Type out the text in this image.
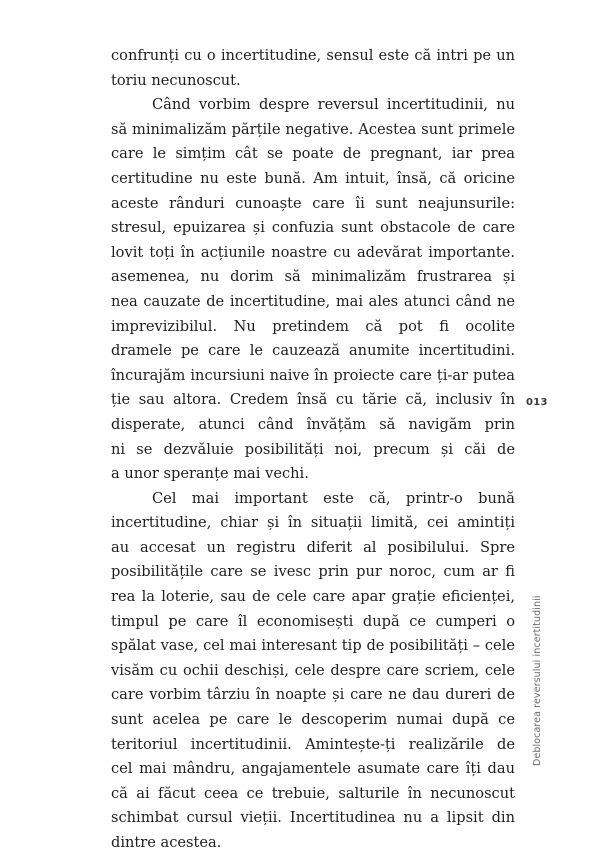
confrunți cu o incertitudine, sensul este că intri pe un
toriu necunoscut.
Când vorbim despre reversul incertitudinii, nu
să minimalizăm părțile negative. Acestea sunt primele
care le simțim cât se poate de pregnant, iar prea
certitudine nu este bună. Am intuit, însă, că oricine
aceste rânduri cunoaște care îi sunt neajunsurile:
stresul, epuizarea și confuzia sunt obstacole de care
lovit toți în acțiunile noastre cu adevărat importante.
asemenea, nu dorim să minimalizăm frustrarea și
nea cauzate de incertitudine, mai ales atunci când ne
imprevizibilul. Nu pretindem că pot fi ocolite
dramele pe care le cauzează anumite incertitudini.
încurajăm incursiuni naive în proiecte care ți-ar putea
ție sau altora. Credem însă cu tărie că, inclusiv în
disperate, atunci când învățăm să navigăm prin
ni se dezvăluie posibilități noi, precum și căi de
a unor speranțe mai vechi.
Cel mai important este că, printr-o bună
incertitudine, chiar și în situații limită, cei amintiți
au accesat un registru diferit al posibilului. Spre
posibilitățile care se ivesc prin pur noroc, cum ar fi
rea la loterie, sau de cele care apar grație eficienței,
timpul pe care îl economisești după ce cumperi o
spălat vase, cel mai interesant tip de posibilități – cele
visăm cu ochii deschiși, cele despre care scriem, cele
care vorbim târziu în noapte și care ne dau dureri de
sunt acelea pe care le descoperim numai după ce
teritoriul incertitudinii. Amintește-ți realizările de
cel mai mândru, angajamentele asumate care îți dau
că ai făcut ceea ce trebuie, salturile în necunoscut
schimbat cursul vieții. Incertitudinea nu a lipsit din
dintre acestea.
013
Deblocarea reversului incertitudinii
